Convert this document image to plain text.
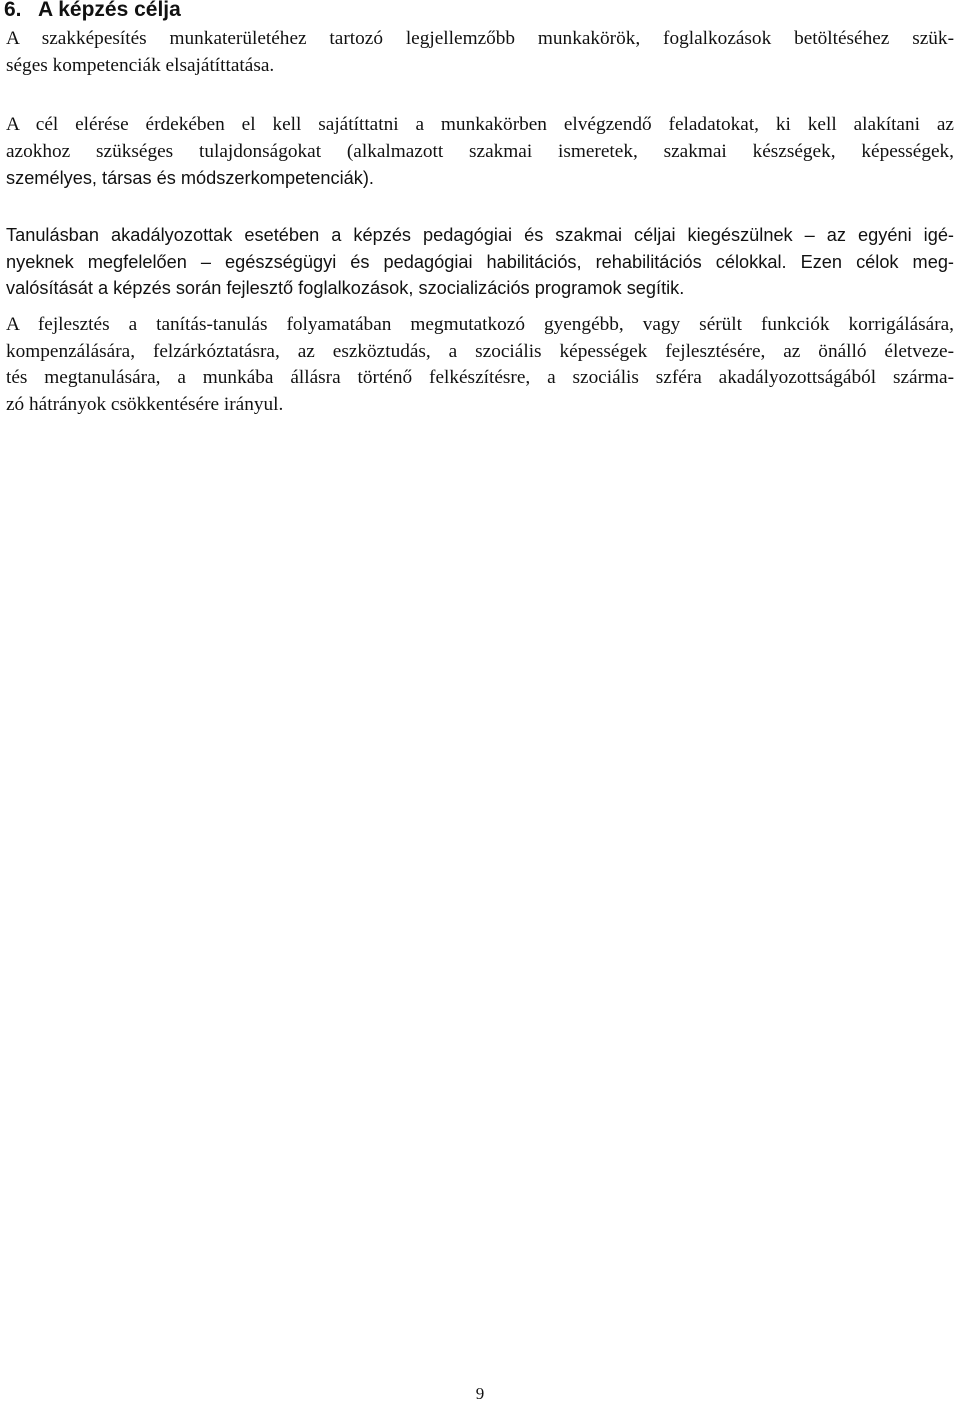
6. A képzés célja

A szakképesítés munkaterületéhez tartozó legjellemzőbb munkakörök, foglalkozások betöltéséhez szük-
séges kompetenciák elsajátíttatása.

A cél elérése érdekében el kell sajátíttatni a munkakörben elvégzendő feladatokat, ki kell alakítani az
azokhoz szükséges tulajdonságokat (alkalmazott szakmai ismeretek, szakmai készségek, képességek,
személyes, társas és módszerkompetenciák).

Tanulásban akadályozottak esetében a képzés pedagógiai és szakmai céljai kiegészülnek – az egyéni igé-
nyeknek megfelelően – egészségügyi és pedagógiai habilitációs, rehabilitációs célokkal. Ezen célok meg-
valósítását a képzés során fejlesztő foglalkozások, szocializációs programok segítik.

A fejlesztés a tanítás-tanulás folyamatában megmutatkozó gyengébb, vagy sérült funkciók korrigálására,
kompenzálására, felzárkóztatásra, az eszköztudás, a szociális képességek fejlesztésére, az önálló életveze-
tés megtanulására, a munkába állásra történő felkészítésre, a szociális szféra akadályozottságából szárma-
zó hátrányok csökkentésére irányul.

9
